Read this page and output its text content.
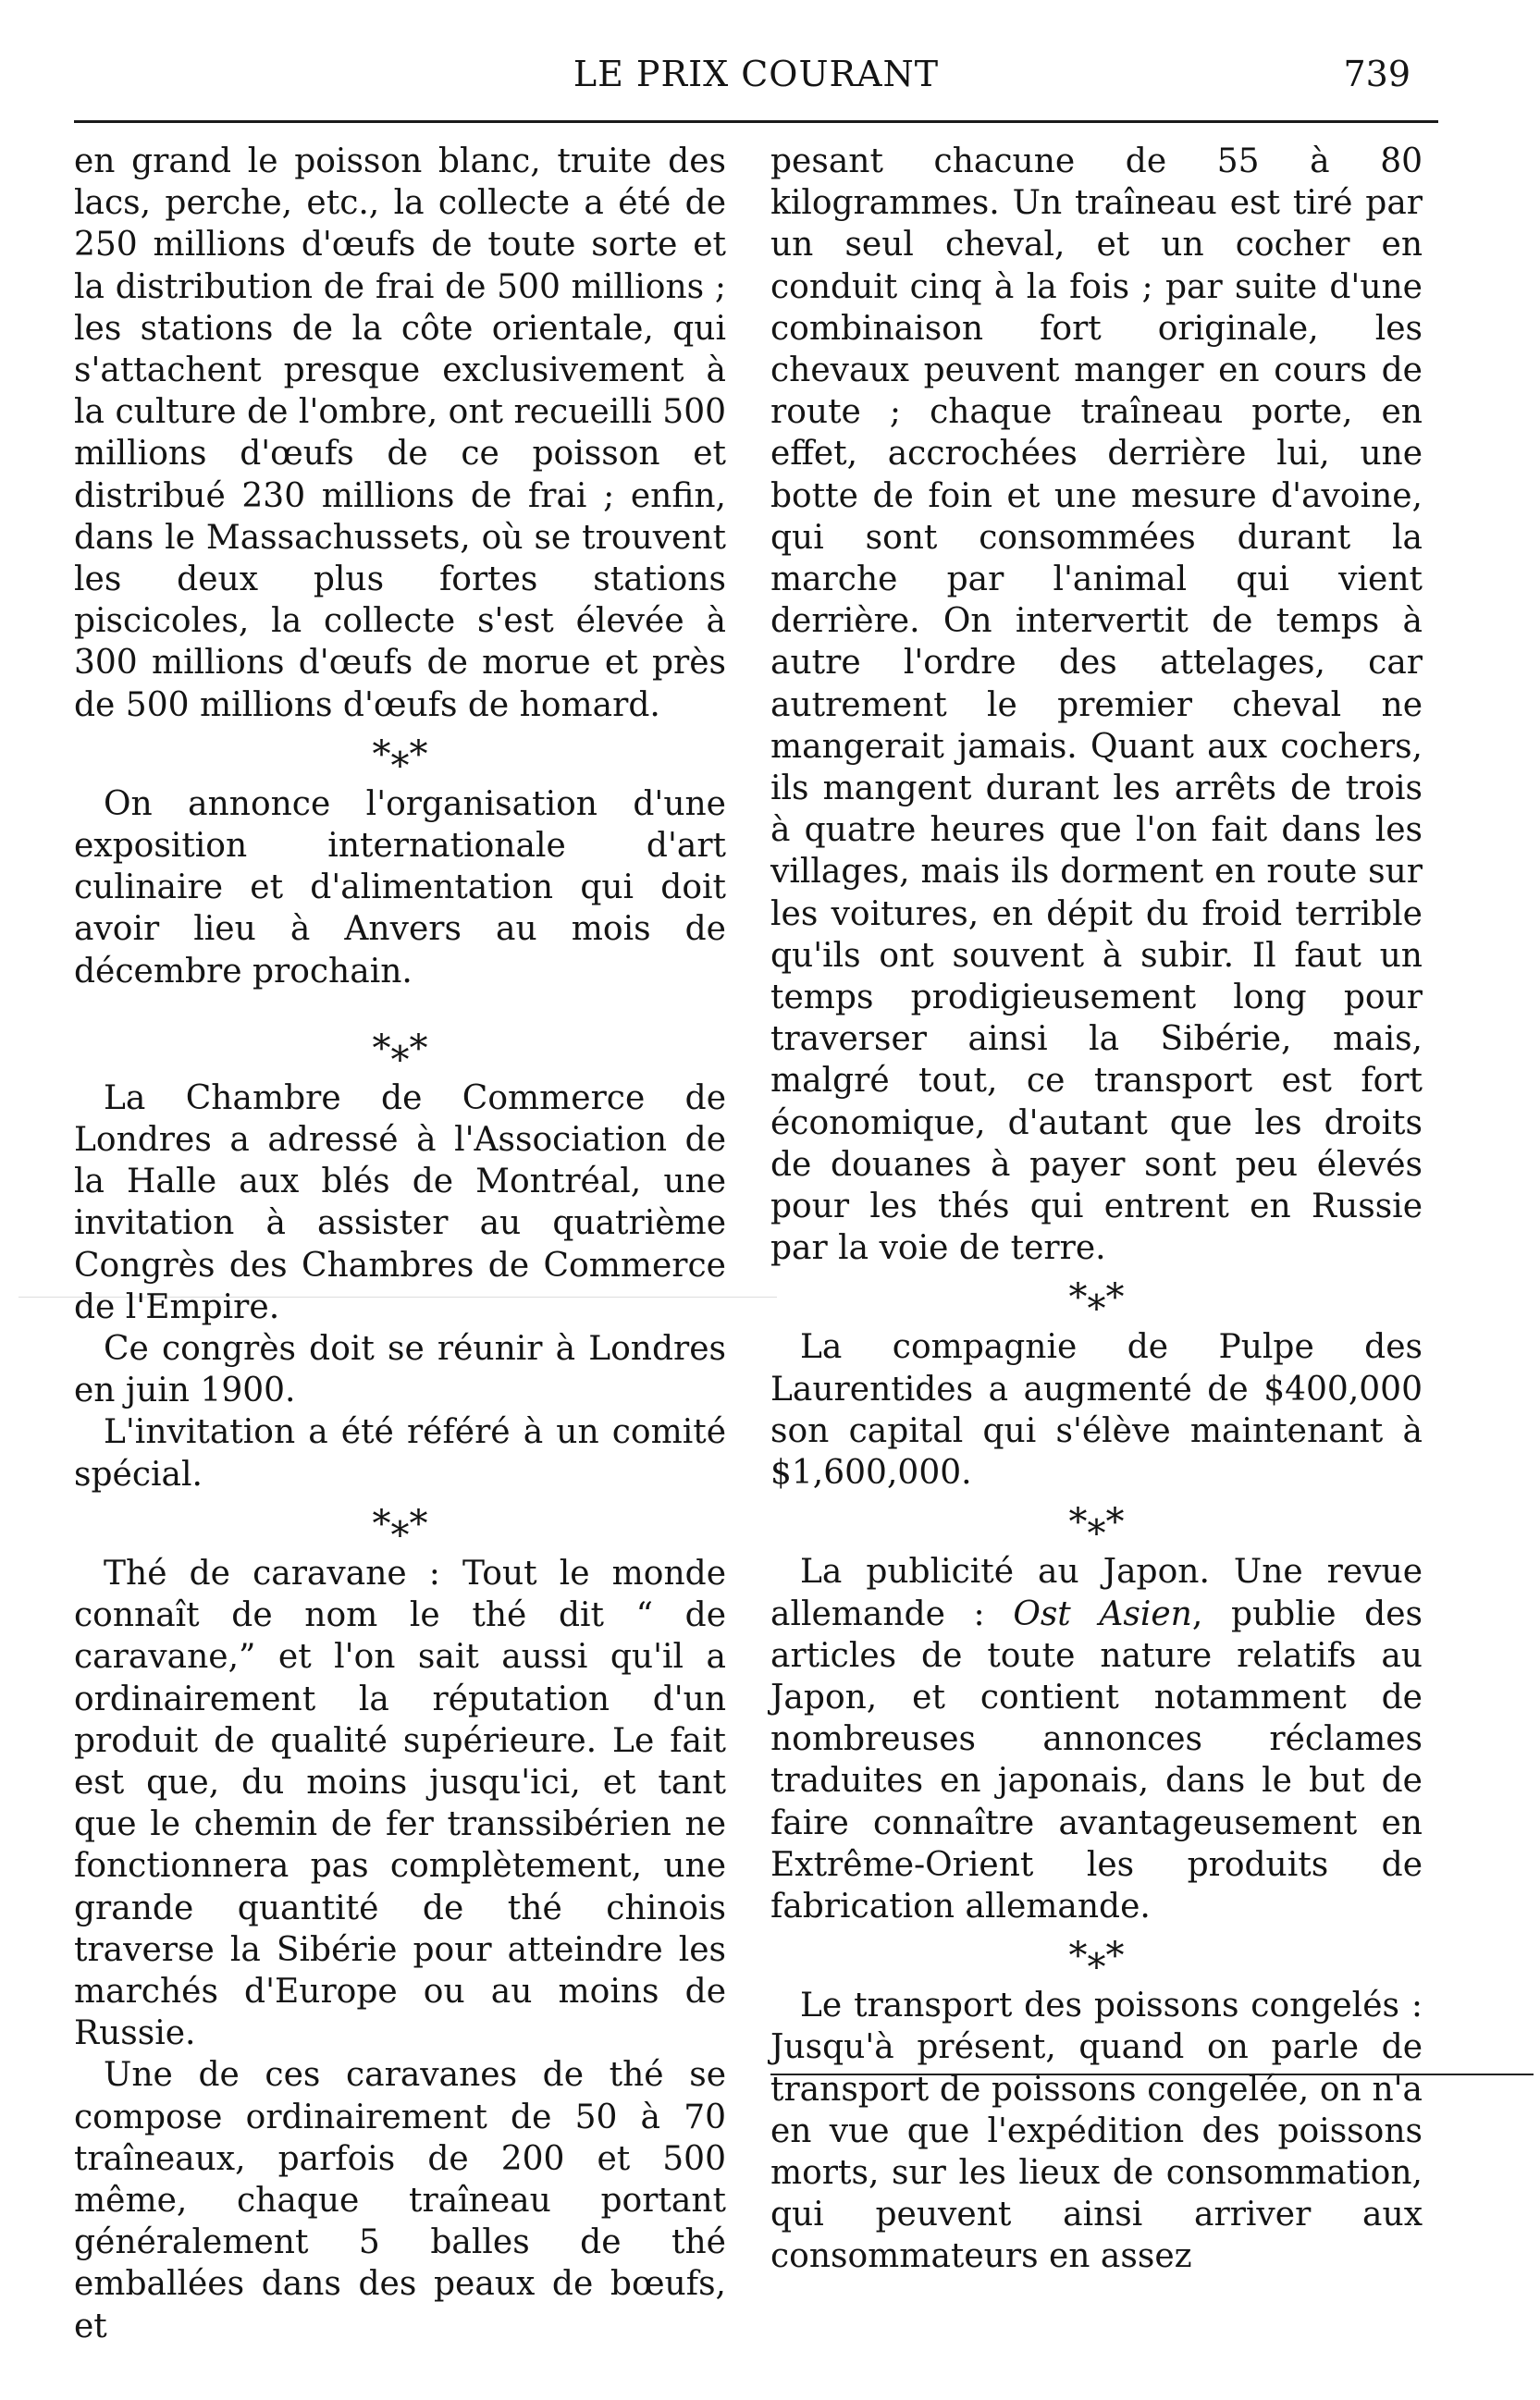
LE PRIX COURANT	739

en grand le poisson blanc, truite des lacs, perche, etc., la collecte a été de 250 millions d'œufs de toute sorte et la distribution de frai de 500 millions ; les stations de la côte orientale, qui s'attachent presque exclusivement à la culture de l'ombre, ont recueilli 500 millions d'œufs de ce poisson et distribué 230 millions de frai ; enfin, dans le Massachussets, où se trouvent les deux plus fortes stations piscicoles, la collecte s'est élevée à 300 millions d'œufs de morue et près de 500 millions d'œufs de homard.

*⁎*

On annonce l'organisation d'une exposition internationale d'art culinaire et d'alimentation qui doit avoir lieu à Anvers au mois de décembre prochain.

*⁎*

La Chambre de Commerce de Londres a adressé à l'Association de la Halle aux blés de Montréal, une invitation à assister au quatrième Congrès des Chambres de Commerce de l'Empire.

Ce congrès doit se réunir à Londres en juin 1900.

L'invitation a été référé à un comité spécial.

*⁎*

Thé de caravane : Tout le monde connaît de nom le thé dit “ de caravane,” et l'on sait aussi qu'il a ordinairement la réputation d'un produit de qualité supérieure. Le fait est que, du moins jusqu'ici, et tant que le chemin de fer transsibérien ne fonctionnera pas complètement, une grande quantité de thé chinois traverse la Sibérie pour atteindre les marchés d'Europe ou au moins de Russie.

Une de ces caravanes de thé se compose ordinairement de 50 à 70 traîneaux, parfois de 200 et 500 même, chaque traîneau portant généralement 5 balles de thé emballées dans des peaux de bœufs, et

pesant chacune de 55 à 80 kilogrammes. Un traîneau est tiré par un seul cheval, et un cocher en conduit cinq à la fois ; par suite d'une combinaison fort originale, les chevaux peuvent manger en cours de route ; chaque traîneau porte, en effet, accrochées derrière lui, une botte de foin et une mesure d'avoine, qui sont consommées durant la marche par l'animal qui vient derrière. On intervertit de temps à autre l'ordre des attelages, car autrement le premier cheval ne mangerait jamais. Quant aux cochers, ils mangent durant les arrêts de trois à quatre heures que l'on fait dans les villages, mais ils dorment en route sur les voitures, en dépit du froid terrible qu'ils ont souvent à subir. Il faut un temps prodigieusement long pour traverser ainsi la Sibérie, mais, malgré tout, ce transport est fort économique, d'autant que les droits de douanes à payer sont peu élevés pour les thés qui entrent en Russie par la voie de terre.

*⁎*

La compagnie de Pulpe des Laurentides a augmenté de $400,000 son capital qui s'élève maintenant à $1,600,000.

*⁎*

La publicité au Japon. Une revue allemande : Ost Asien, publie des articles de toute nature relatifs au Japon, et contient notamment de nombreuses annonces réclames traduites en japonais, dans le but de faire connaître avantageusement en Extrême-Orient les produits de fabrication allemande.

*⁎*

Le transport des poissons congelés : Jusqu'à présent, quand on parle de transport de poissons congelée, on n'a en vue que l'expédition des poissons morts, sur les lieux de consommation, qui peuvent ainsi arriver aux consommateurs en assez
